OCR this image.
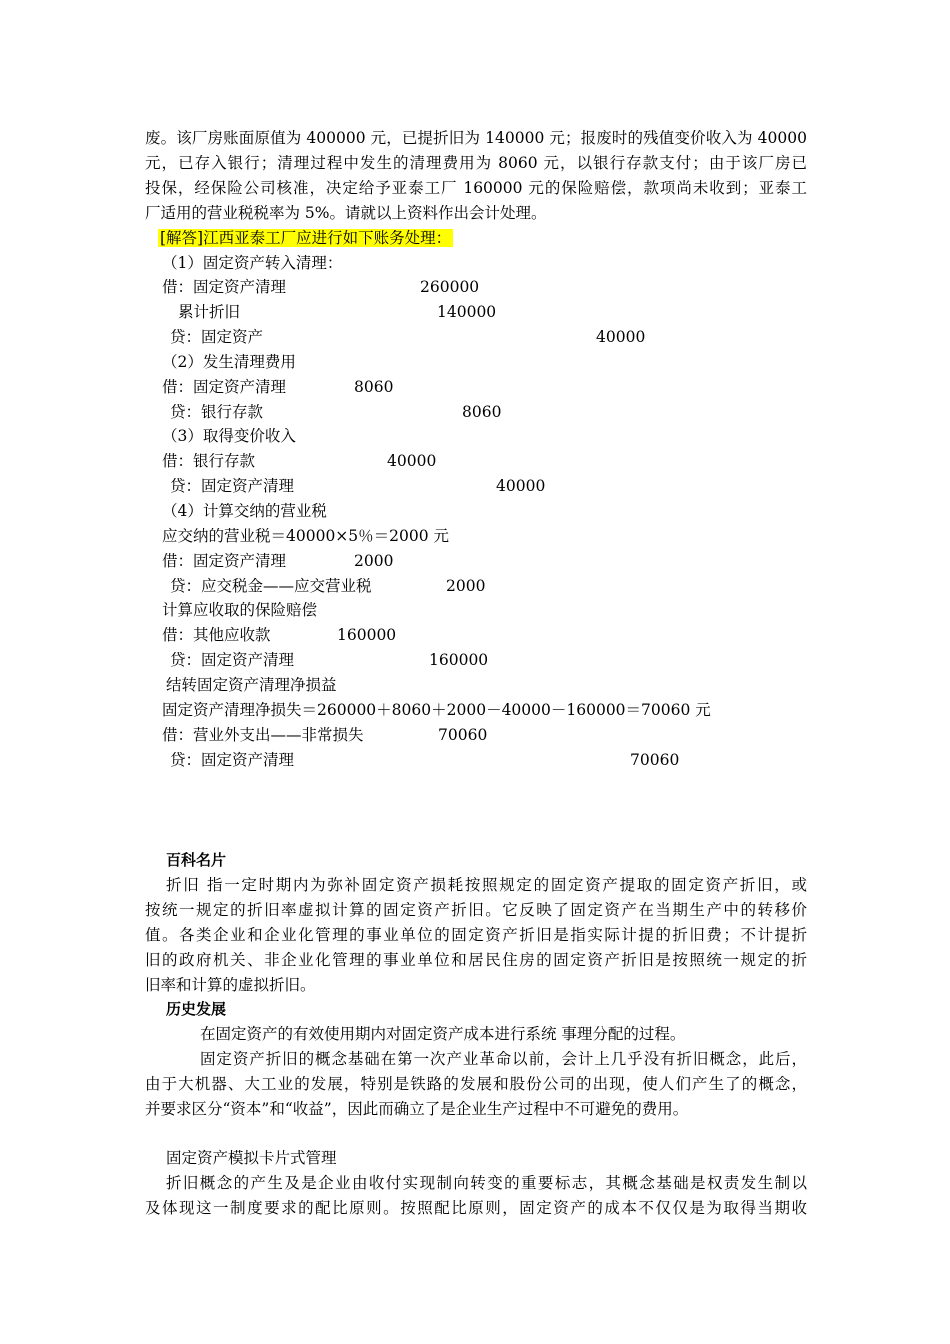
废。该厂房账面原值为 400000 元，已提折旧为 140000 元；报废时的残值变价收入为 40000
元，已存入银行；清理过程中发生的清理费用为 8060 元，以银行存款支付；由于该厂房已
投保，经保险公司核准，决定给予亚泰工厂 160000 元的保险赔偿，款项尚未收到；亚泰工
厂适用的营业税税率为 5%。请就以上资料作出会计处理。
[解答]江西亚泰工厂应进行如下账务处理：
（1）固定资产转入清理：
借：固定资产清理	260000
累计折旧	140000
贷：固定资产	40000
（2）发生清理费用
借：固定资产清理	8060
贷：银行存款	8060
（3）取得变价收入
借：银行存款	40000
贷：固定资产清理	40000
（4）计算交纳的营业税
应交纳的营业税＝40000×5％＝2000 元
借：固定资产清理	2000
贷：应交税金——应交营业税	2000
计算应收取的保险赔偿
借：其他应收款	160000
贷：固定资产清理	160000
结转固定资产清理净损益
固定资产清理净损失＝260000＋8060＋2000－40000－160000＝70060 元
借：营业外支出——非常损失	70060
贷：固定资产清理	70060
百科名片
折旧 指一定时期内为弥补固定资产损耗按照规定的固定资产提取的固定资产折旧，或
按统一规定的折旧率虚拟计算的固定资产折旧。它反映了固定资产在当期生产中的转移价
值。各类企业和企业化管理的事业单位的固定资产折旧是指实际计提的折旧费；不计提折
旧的政府机关、非企业化管理的事业单位和居民住房的固定资产折旧是按照统一规定的折
旧率和计算的虚拟折旧。
历史发展
在固定资产的有效使用期内对固定资产成本进行系统 事理分配的过程。
固定资产折旧的概念基础在第一次产业革命以前，会计上几乎没有折旧概念，此后，
由于大机器、大工业的发展，特别是铁路的发展和股份公司的出现，使人们产生了的概念，
并要求区分“资本”和“收益”，因此而确立了是企业生产过程中不可避免的费用。
固定资产模拟卡片式管理
折旧概念的产生及是企业由收付实现制向转变的重要标志，其概念基础是权责发生制以
及体现这一制度要求的配比原则。按照配比原则，固定资产的成本不仅仅是为取得当期收
